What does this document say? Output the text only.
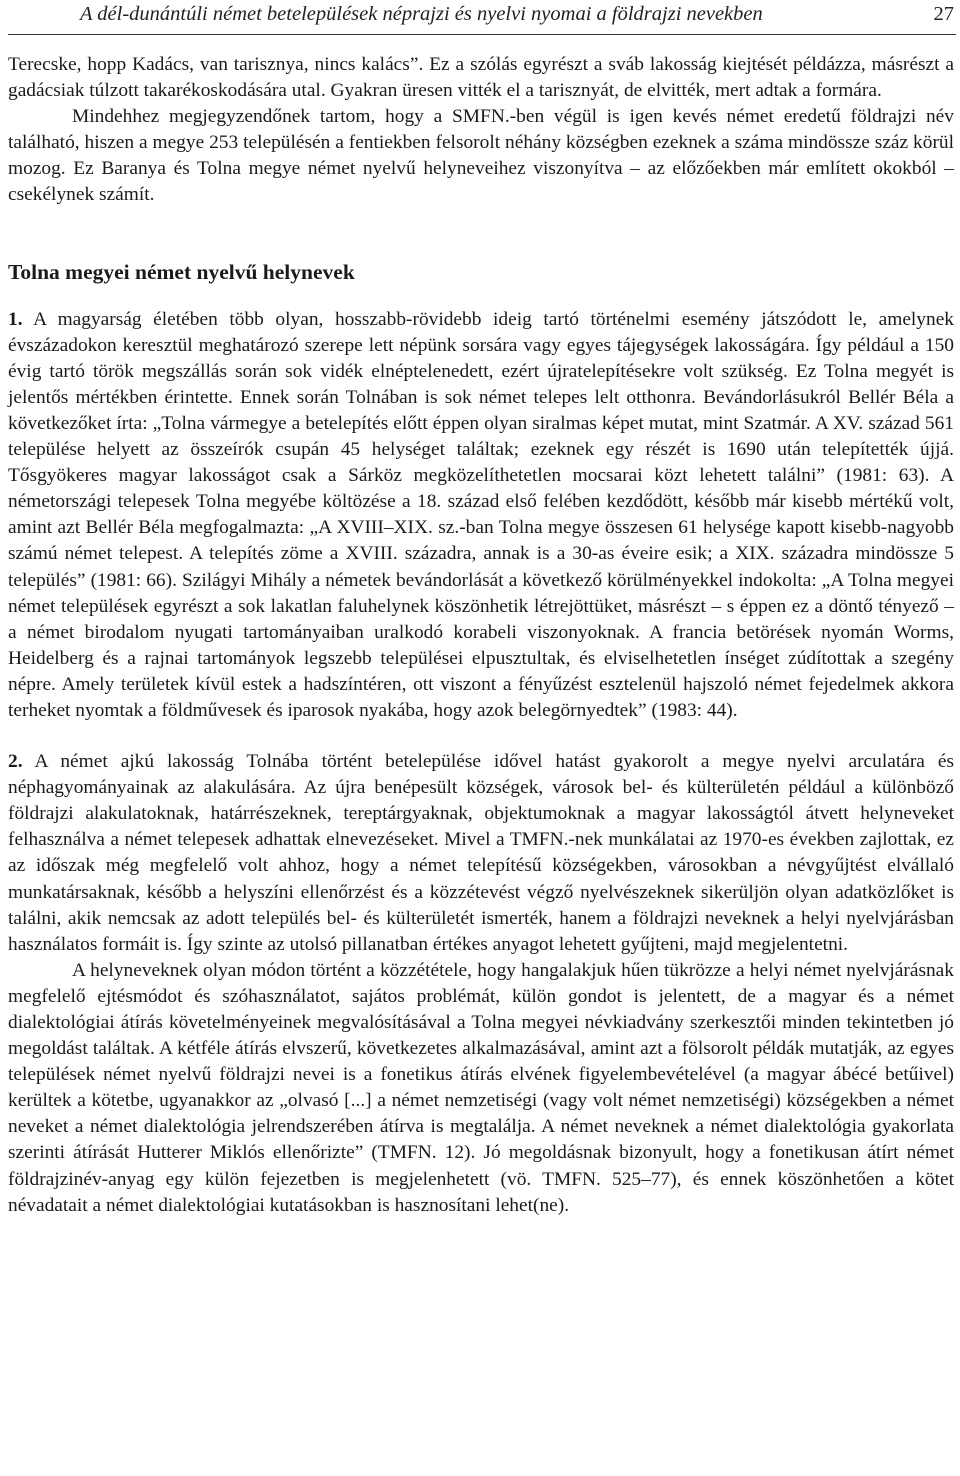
A dél-dunántúli német betelepülések néprajzi és nyelvi nyomai a földrajzi nevekben	27

Terecske, hopp Kadács, van tarisznya, nincs kalács”. Ez a szólás egyrészt a sváb lakosság kiejtését példázza, másrészt a gadácsiak túlzott takarékoskodására utal. Gyakran üresen vitték el a tarisznyát, de elvitték, mert adtak a formára.

Mindehhez megjegyzendőnek tartom, hogy a SMFN.-ben végül is igen kevés német eredetű földrajzi név található, hiszen a megye 253 településén a fentiekben felsorolt néhány községben ezeknek a száma mindössze száz körül mozog. Ez Baranya és Tolna megye német nyelvű helyneveihez viszonyítva – az előzőekben már említett okokból – csekélynek számít.

Tolna megyei német nyelvű helynevek

1. A magyarság életében több olyan, hosszabb-rövidebb ideig tartó történelmi esemény játszódott le, amelynek évszázadokon keresztül meghatározó szerepe lett népünk sorsára vagy egyes tájegységek lakosságára. Így például a 150 évig tartó török megszállás során sok vidék elnéptelenedett, ezért újratelepítésekre volt szükség. Ez Tolna megyét is jelentős mértékben érintette. Ennek során Tolnában is sok német telepes lelt otthonra. Bevándorlásukról Bellér Béla a következőket írta: „Tolna vármegye a betelepítés előtt éppen olyan siralmas képet mutat, mint Szatmár. A XV. század 561 települése helyett az összeírók csupán 45 helységet találtak; ezeknek egy részét is 1690 után telepítették újjá. Tősgyökeres magyar lakosságot csak a Sárköz megközelíthetetlen mocsarai közt lehetett találni” (1981: 63). A németországi telepesek Tolna megyébe költözése a 18. század első felében kezdődött, később már kisebb mértékű volt, amint azt Bellér Béla megfogalmazta: „A XVIII–XIX. sz.-ban Tolna megye összesen 61 helysége kapott kisebb-nagyobb számú német telepest. A telepítés zöme a XVIII. századra, annak is a 30-as éveire esik; a XIX. századra mindössze 5 település” (1981: 66). Szilágyi Mihály a németek bevándorlását a következő körülményekkel indokolta: „A Tolna megyei német települések egyrészt a sok lakatlan faluhelynek köszönhetik létrejöttüket, másrészt – s éppen ez a döntő tényező – a német birodalom nyugati tartományaiban uralkodó korabeli viszonyoknak. A francia betörések nyomán Worms, Heidelberg és a rajnai tartományok legszebb települései elpusztultak, és elviselhetetlen ínséget zúdítottak a szegény népre. Amely területek kívül estek a hadszíntéren, ott viszont a fényűzést esztelenül hajszoló német fejedelmek akkora terheket nyomtak a földművesek és iparosok nyakába, hogy azok belegörnyedtek” (1983: 44).

2. A német ajkú lakosság Tolnába történt betelepülése idővel hatást gyakorolt a megye nyelvi arculatára és néphagyományainak az alakulására. Az újra benépesült községek, városok bel- és külterületén például a különböző földrajzi alakulatoknak, határrészeknek, tereptárgyaknak, objektumoknak a magyar lakosságtól átvett helyneveket felhasználva a német telepesek adhattak elnevezéseket. Mivel a TMFN.-nek munkálatai az 1970-es években zajlottak, ez az időszak még megfelelő volt ahhoz, hogy a német telepítésű községekben, városokban a névgyűjtést elvállaló munkatársaknak, később a helyszíni ellenőrzést és a közzétevést végző nyelvészeknek sikerüljön olyan adatközlőket is találni, akik nemcsak az adott település bel- és külterületét ismerték, hanem a földrajzi neveknek a helyi nyelvjárásban használatos formáit is. Így szinte az utolsó pillanatban értékes anyagot lehetett gyűjteni, majd megjelentetni.

A helyneveknek olyan módon történt a közzététele, hogy hangalakjuk hűen tükrözze a helyi német nyelvjárásnak megfelelő ejtésmódot és szóhasználatot, sajátos problémát, külön gondot is jelentett, de a magyar és a német dialektológiai átírás követelményeinek megvalósításával a Tolna megyei névkiadvány szerkesztői minden tekintetben jó megoldást találtak. A kétféle átírás elvszerű, következetes alkalmazásával, amint azt a fölsorolt példák mutatják, az egyes települések német nyelvű földrajzi nevei is a fonetikus átírás elvének figyelembevételével (a magyar ábécé betűivel) kerültek a kötetbe, ugyanakkor az „olvasó [...] a német nemzetiségi (vagy volt német nemzetiségi) községekben a német neveket a német dialektológia jelrendszerében átírva is megtalálja. A német neveknek a német dialektológia gyakorlata szerinti átírását Hutterer Miklós ellenőrizte” (TMFN. 12). Jó megoldásnak bizonyult, hogy a fonetikusan átírt német földrajzinév-anyag egy külön fejezetben is megjelenhetett (vö. TMFN. 525–77), és ennek köszönhetően a kötet névadatait a német dialektológiai kutatásokban is hasznosítani lehet(ne).
